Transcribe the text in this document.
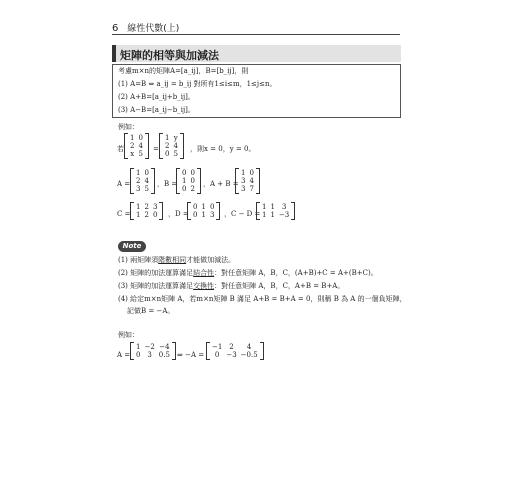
6 線性代數(上)
矩陣的相等與加減法
考慮m×n的矩陣A=[a_ij]，B=[b_ij]，則
(1) A=B ⇔ a_ij = b_ij 對所有1≤i≤m，1≤j≤n。
(2) A+B=[a_ij+b_ij]。
(3) A−B=[a_ij−b_ij]。
例如：
若
1	0
2	4
x	5
=
1	y
2	4
0	5
，則x = 0，y = 0。
A =
1	0
2	4
3	5
，B =
0	0
1	0
0	2
，A + B =
1	0
3	4
3	7
C =
1	2	3
1	2	0 ，D =
0	1	0
0	1	3 ，C − D =
1	1	3
1	1	−3
Note
(1) 兩矩陣須階數相同才能做加減法。
(2) 矩陣的加法運算滿足結合性：對任意矩陣 A，B，C，(A+B)+C = A+(B+C)。
(3) 矩陣的加法運算滿足交換性：對任意矩陣 A，B，C，A+B = B+A。
(4) 給定m×n矩陣 A，若m×n矩陣 B 滿足 A+B = B+A = 0，則稱 B 為 A 的一個負矩陣，
記做B = −A。
例如：
A =
1	−2	−4
0	3	0.5 ⇒ −A =
−1	2	4
0	−3	−0.5
